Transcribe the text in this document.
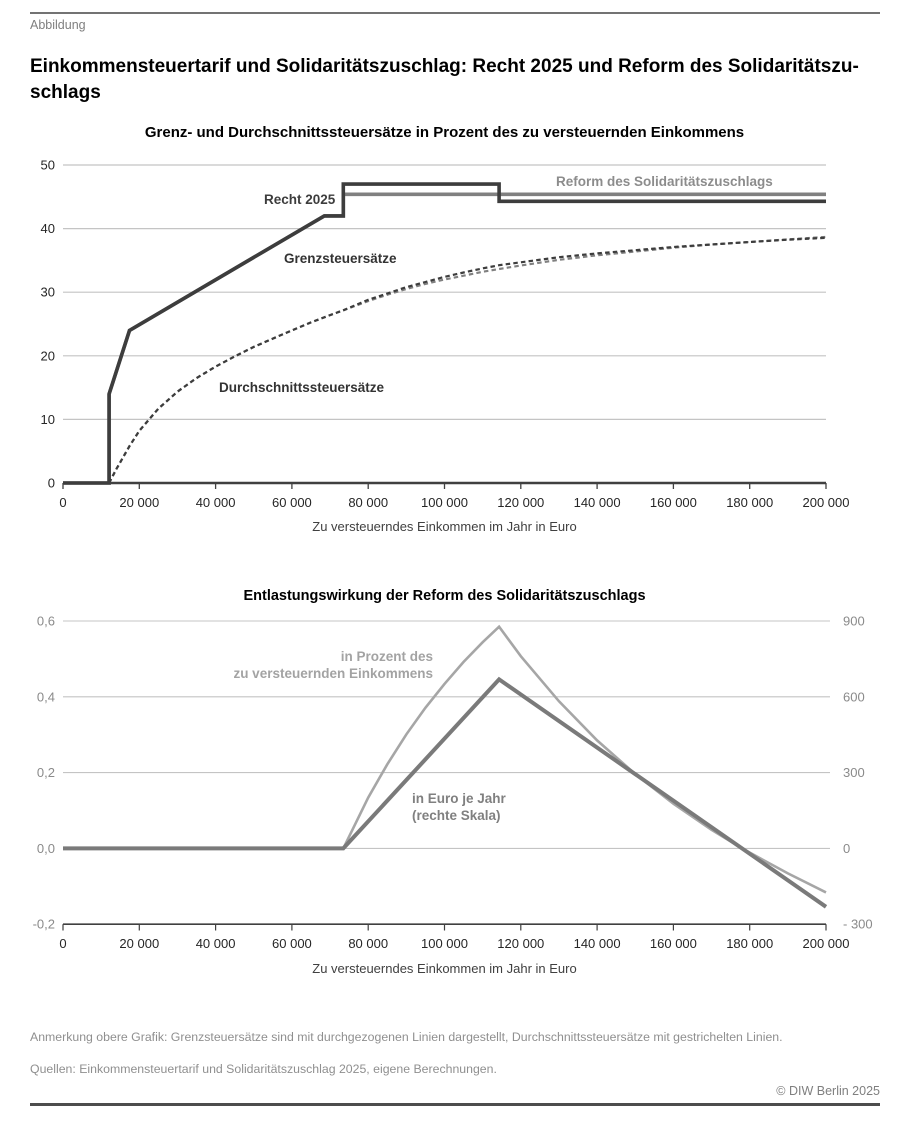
0
10
20
30
40
50
0	20 000	40 000	60 000	80 000	100 000 120 000 140 000 160 000 180 000 200 000
-0,2
0,0
0,2
0,4
0,6
- 300
0
300
600
900
0	20 000	40 000	60 000	80 000	100 000 120 000 140 000 160 000 180 000 200 000
Abbildung
Einkommensteuertarif und Solidaritätszuschlag: Recht 2025 und Reform des Solidaritätszu-
schlags
Grenz- und Durchschnittssteuersätze in Prozent des zu versteuernden Einkommens
Reform des Solidaritätszuschlags
Recht 2025
Grenzsteuersätze
Durchschnittssteuersätze
Zu versteuerndes Einkommen im Jahr in Euro
Entlastungswirkung der Reform des Solidaritätszuschlags
in Prozent des
zu versteuernden Einkommens
in Euro je Jahr
(rechte Skala)
Zu versteuerndes Einkommen im Jahr in Euro
Anmerkung obere Grafik: Grenzsteuersätze sind mit durchgezogenen Linien dargestellt, Durchschnittssteuersätze mit gestrichelten Linien.
Quellen: Einkommensteuertarif und Solidaritätszuschlag 2025, eigene Berechnungen.
© DIW Berlin 2025
